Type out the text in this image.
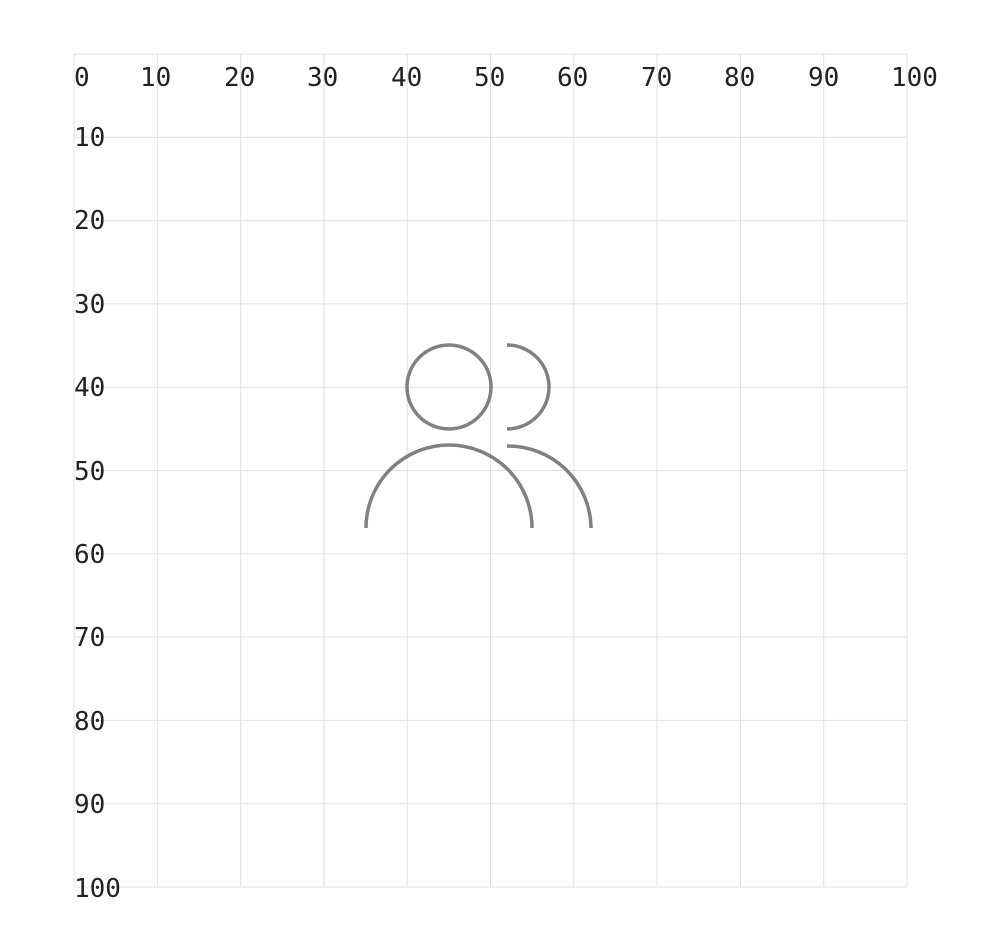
0 10 20 30 40 50 60 70 80 90 100
10
20
30
40
50
60
70
80
90
100
